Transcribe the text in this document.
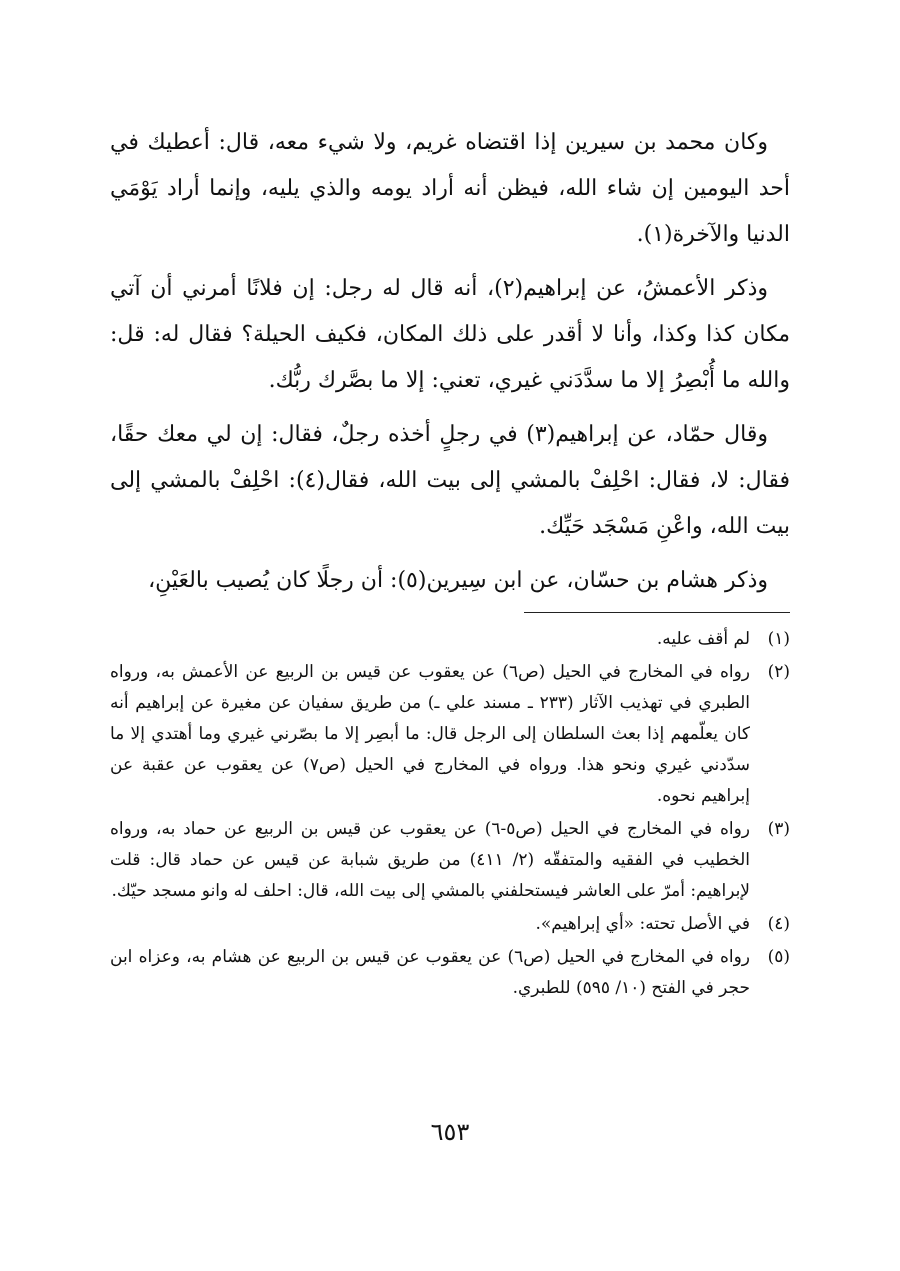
وكان محمد بن سيرين إذا اقتضاه غريم، ولا شيء معه، قال: أعطيك في أحد اليومين إن شاء الله، فيظن أنه أراد يومه والذي يليه، وإنما أراد يَوْمَي الدنيا والآخرة(١).

وذكر الأعمشُ، عن إبراهيم(٢)، أنه قال له رجل: إن فلانًا أمرني أن آتي مكان كذا وكذا، وأنا لا أقدر على ذلك المكان، فكيف الحيلة؟ فقال له: قل: والله ما أُبْصِرُ إلا ما سدَّدَني غيري، تعني: إلا ما بصَّرك ربُّك.

وقال حمّاد، عن إبراهيم(٣) في رجلٍ أخذه رجلٌ، فقال: إن لي معك حقًا، فقال: لا، فقال: احْلِفْ بالمشي إلى بيت الله، فقال(٤): احْلِفْ بالمشي إلى بيت الله، واعْنِ مَسْجَد حَيِّك.

وذكر هشام بن حسّان، عن ابن سِيرين(٥): أن رجلًا كان يُصيب بالعَيْنِ،

(١)
لم أقف عليه.
(٢)
رواه في المخارج في الحيل (ص٦) عن يعقوب عن قيس بن الربيع عن الأعمش به، ورواه الطبري في تهذيب الآثار (٢٣٣ ـ مسند علي ـ) من طريق سفيان عن مغيرة عن إبراهيم أنه كان يعلّمهم إذا بعث السلطان إلى الرجل قال: ما أبصِر إلا ما بصّرني غيري وما أهتدي إلا ما سدّدني غيري ونحو هذا. ورواه في المخارج في الحيل (ص٧) عن يعقوب عن عقبة عن إبراهيم نحوه.
(٣)
رواه في المخارج في الحيل (ص٥-٦) عن يعقوب عن قيس بن الربيع عن حماد به، ورواه الخطيب في الفقيه والمتفقّه (٢/ ٤١١) من طريق شبابة عن قيس عن حماد قال: قلت لإبراهيم: أمرّ على العاشر فيستحلفني بالمشي إلى بيت الله، قال: احلف له وانو مسجد حيّك.
(٤)
في الأصل تحته: «أي إبراهيم».
(٥)
رواه في المخارج في الحيل (ص٦) عن يعقوب عن قيس بن الربيع عن هشام به، وعزاه ابن حجر في الفتح (١٠/ ٥٩٥) للطبري.
٦٥٣
